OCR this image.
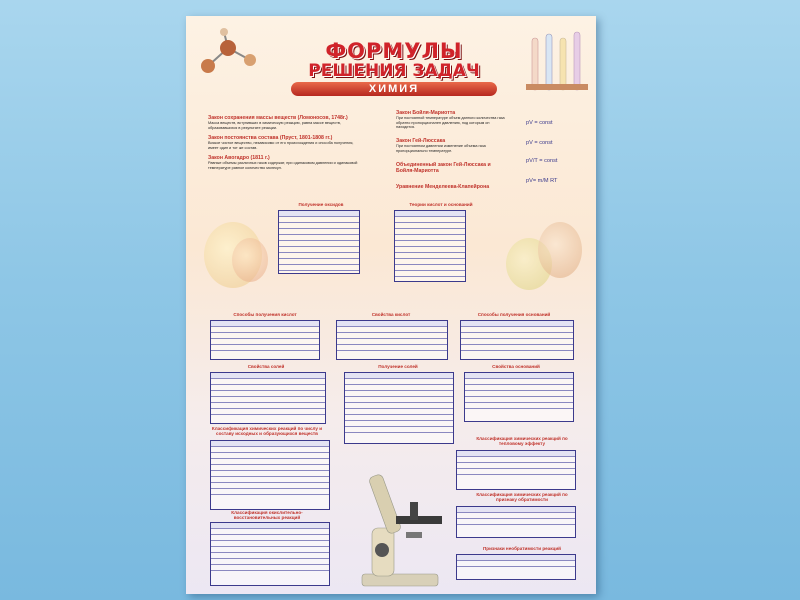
ФОРМУЛЫ
РЕШЕНИЯ ЗАДАЧ
ХИМИЯ
Закон сохранения массы веществ (Ломоносов, 1748г.)
Масса веществ, вступивших в химическую реакцию, равна массе веществ, образовавшихся в результате реакции.
Закон постоянства состава (Пруст, 1801-1808 гг.)
Всякое чистое вещество, независимо от его происхождения и способа получения, имеет один и тот же состав.
Закон Авогадро (1811 г.)
Равные объемы различных газов содержат, при одинаковом давлении и одинаковой температуре равное количество молекул.
Закон Бойля-Мариотта
При постоянной температуре объем данного количества газа обратно пропорционален давлению, под которым он находится.
pV = const
Закон Гей-Люссака
При постоянном давлении изменение объема газа пропорционально температуре.
pV = const
Объединенный закон Гей-Люссака и Бойля-Мариотта
pV/T = const
Уравнение Менделеева-Клапейрона
pV= m/M RT
Получение оксидов	Теории кислот и оснований
Способы получения кислот	Свойства кислот	Способы получения оснований
Свойства солей	Получение солей	Свойства оснований
Классификация химических реакций по числу и составу исходных и образующихся веществ
Классификация окислительно-восстановительных реакций
Классификация химических реакций по тепловому эффекту
Классификация химических реакций по признаку обратимости
Признаки необратимости реакций
